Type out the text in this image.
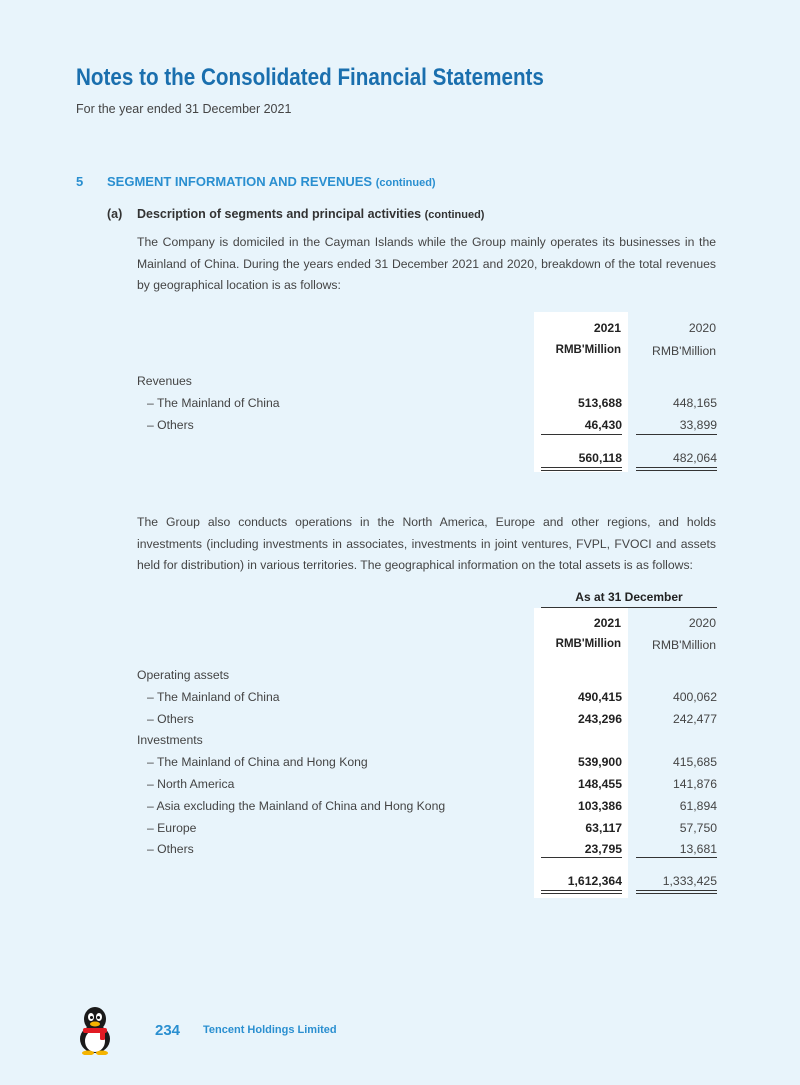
Notes to the Consolidated Financial Statements
For the year ended 31 December 2021
5 SEGMENT INFORMATION AND REVENUES (continued)
(a) Description of segments and principal activities (continued)

The Company is domiciled in the Cayman Islands while the Group mainly operates its businesses in the Mainland of China. During the years ended 31 December 2021 and 2020, breakdown of the total revenues by geographical location is as follows:

2021	2020
RMB'Million	RMB'Million
Revenues
– The Mainland of China	513,688	448,165
– Others	46,430	33,899
560,118	482,064

The Group also conducts operations in the North America, Europe and other regions, and holds investments (including investments in associates, investments in joint ventures, FVPL, FVOCI and assets held for distribution) in various territories. The geographical information on the total assets is as follows:

As at 31 December
2021	2020
RMB'Million	RMB'Million
Operating assets
– The Mainland of China	490,415	400,062
– Others	243,296	242,477
Investments
– The Mainland of China and Hong Kong	539,900	415,685
– North America	148,455	141,876
– Asia excluding the Mainland of China and Hong Kong	103,386	61,894
– Europe	63,117	57,750
– Others	23,795	13,681
1,612,364	1,333,425
234 Tencent Holdings Limited
